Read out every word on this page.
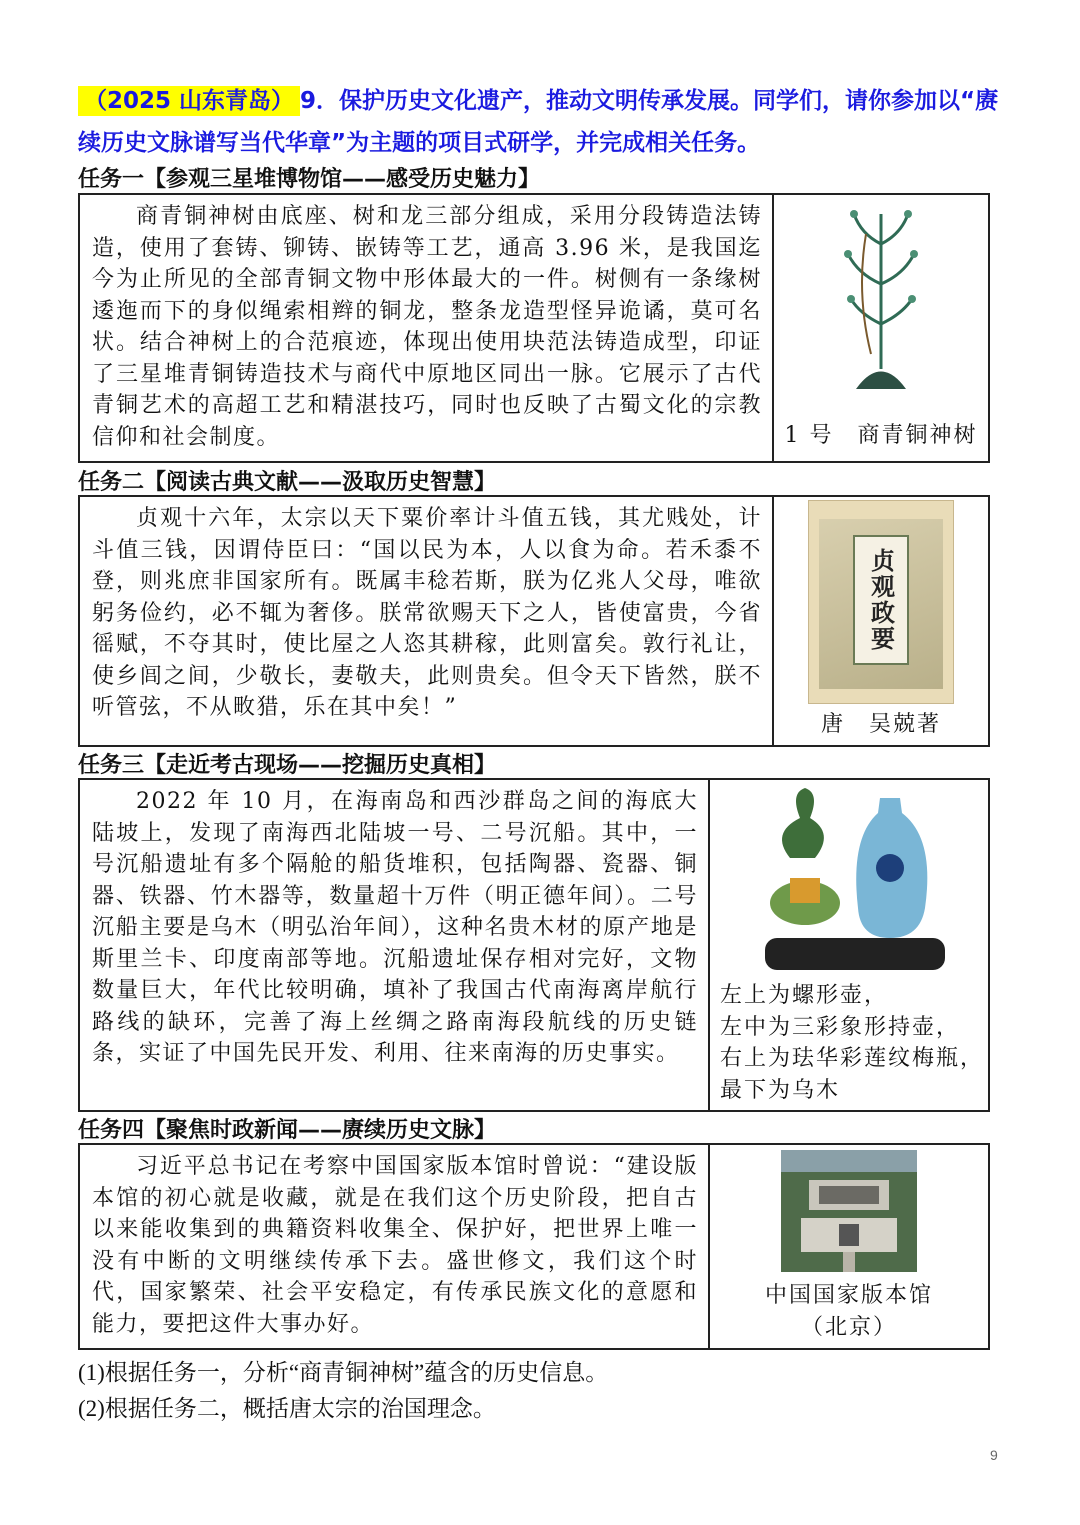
（2025 山东青岛） 9．保护历史文化遗产，推动文明传承发展。同学们，请你参加以“赓续历史文脉谱写当代华章”为主题的项目式研学，并完成相关任务。
任务一【参观三星堆博物馆——感受历史魅力】
商青铜神树由底座、树和龙三部分组成，采用分段铸造法铸造，使用了套铸、铆铸、嵌铸等工艺，通高 3.96 米，是我国迄今为止所见的全部青铜文物中形体最大的一件。树侧有一条缘树逶迤而下的身似绳索相辫的铜龙，整条龙造型怪异诡谲，莫可名状。结合神树上的合范痕迹，体现出使用块范法铸造成型，印证了三星堆青铜铸造技术与商代中原地区同出一脉。它展示了古代青铜艺术的高超工艺和精湛技巧，同时也反映了古蜀文化的宗教信仰和社会制度。	1 号　商青铜神树
任务二【阅读古典文献——汲取历史智慧】
贞观十六年，太宗以天下粟价率计斗值五钱，其尤贱处，计斗值三钱，因谓侍臣曰：“国以民为本，人以食为命。若禾黍不登，则兆庶非国家所有。既属丰稔若斯，朕为亿兆人父母，唯欲躬务俭约，必不辄为奢侈。朕常欲赐天下之人，皆使富贵，今省徭赋，不夺其时，使比屋之人恣其耕稼，此则富矣。敦行礼让，使乡闾之间，少敬长，妻敬夫，此则贵矣。但令天下皆然，朕不听管弦，不从畋猎，乐在其中矣！”
贞观政要
唐　吴兢著
任务三【走近考古现场——挖掘历史真相】
2022 年 10 月，在海南岛和西沙群岛之间的海底大陆坡上，发现了南海西北陆坡一号、二号沉船。其中，一号沉船遗址有多个隔舱的船货堆积，包括陶器、瓷器、铜器、铁器、竹木器等，数量超十万件（明正德年间）。二号沉船主要是乌木（明弘治年间），这种名贵木材的原产地是斯里兰卡、印度南部等地。沉船遗址保存相对完好，文物数量巨大，年代比较明确，填补了我国古代南海离岸航行路线的缺环，完善了海上丝绸之路南海段航线的历史链条，实证了中国先民开发、利用、往来南海的历史事实。
左上为螺形壶，
左中为三彩象形持壶，
右上为珐华彩莲纹梅瓶，
最下为乌木
任务四【聚焦时政新闻——赓续历史文脉】
习近平总书记在考察中国国家版本馆时曾说：“建设版本馆的初心就是收藏，就是在我们这个历史阶段，把自古以来能收集到的典籍资料收集全、保护好，把世界上唯一没有中断的文明继续传承下去。盛世修文，我们这个时代，国家繁荣、社会平安稳定，有传承民族文化的意愿和能力，要把这件大事办好。
中国国家版本馆
（北京）
(1)根据任务一，分析“商青铜神树”蕴含的历史信息。
(2)根据任务二，概括唐太宗的治国理念。
9
